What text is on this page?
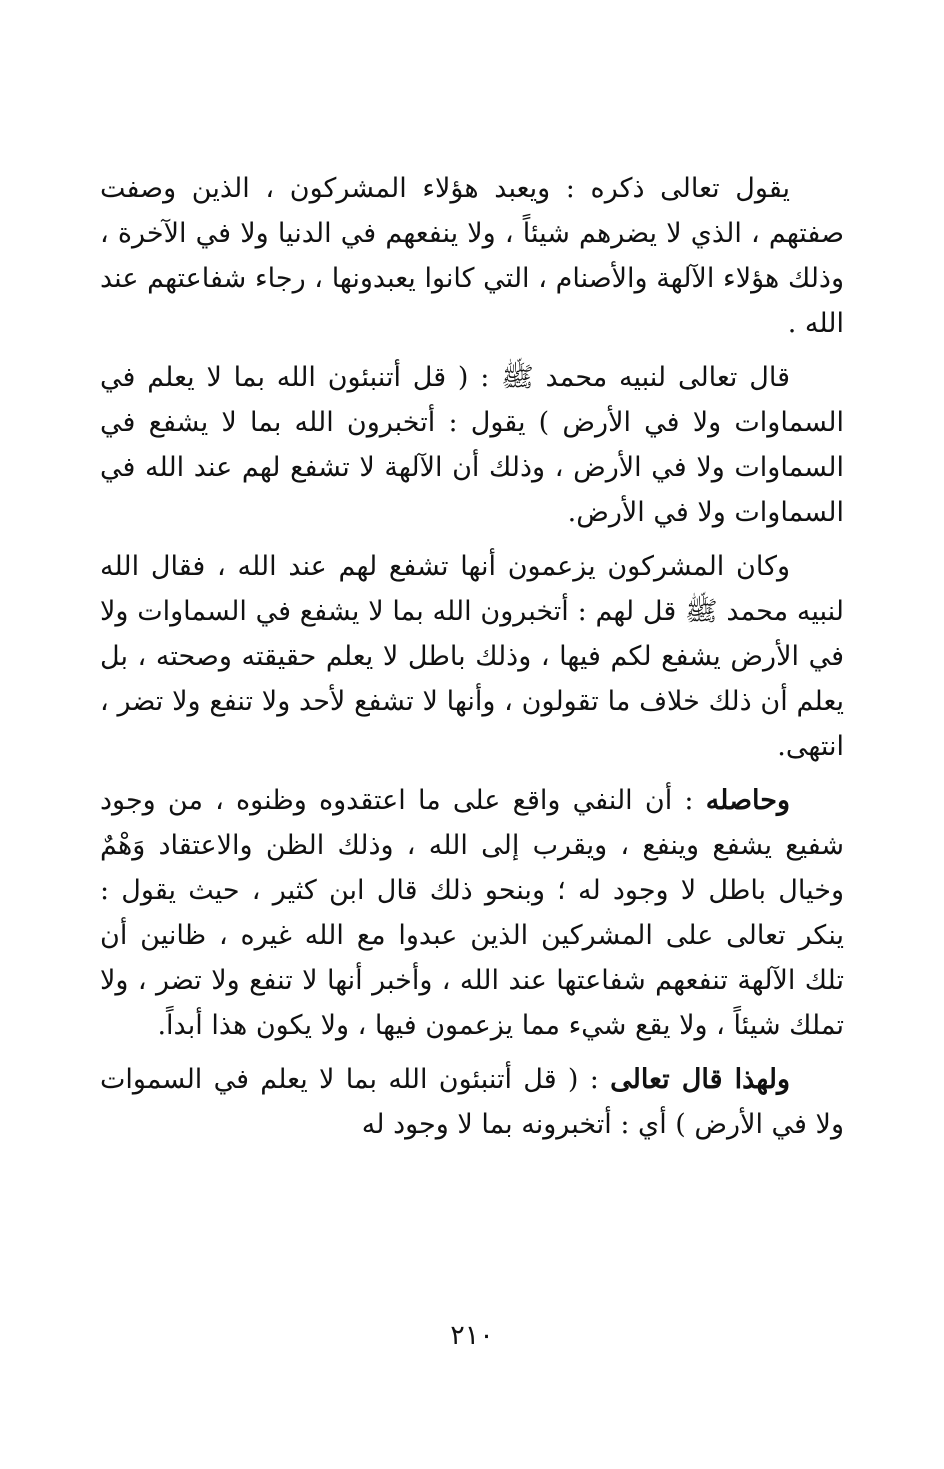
يقول تعالى ذكره : ويعبد هؤلاء المشركون ، الذين وصفت صفتهم ، الذي لا يضرهم شيئاً ، ولا ينفعهم في الدنيا ولا في الآخرة ، وذلك هؤلاء الآلهة والأصنام ، التي كانوا يعبدونها ، رجاء شفاعتهم عند الله .

قال تعالى لنبيه محمد ﷺ : ( قل أتنبئون الله بما لا يعلم في السماوات ولا في الأرض ) يقول : أتخبرون الله بما لا يشفع في السماوات ولا في الأرض ، وذلك أن الآلهة لا تشفع لهم عند الله في السماوات ولا في الأرض.

وكان المشركون يزعمون أنها تشفع لهم عند الله ، فقال الله لنبيه محمد ﷺ قل لهم : أتخبرون الله بما لا يشفع في السماوات ولا في الأرض يشفع لكم فيها ، وذلك باطل لا يعلم حقيقته وصحته ، بل يعلم أن ذلك خلاف ما تقولون ، وأنها لا تشفع لأحد ولا تنفع ولا تضر ، انتهى.

وحاصله : أن النفي واقع على ما اعتقدوه وظنوه ، من وجود شفيع يشفع وينفع ، ويقرب إلى الله ، وذلك الظن والاعتقاد وَهْمٌ وخيال باطل لا وجود له ؛ وبنحو ذلك قال ابن كثير ، حيث يقول : ينكر تعالى على المشركين الذين عبدوا مع الله غيره ، ظانين أن تلك الآلهة تنفعهم شفاعتها عند الله ، وأخبر أنها لا تنفع ولا تضر ، ولا تملك شيئاً ، ولا يقع شيء مما يزعمون فيها ، ولا يكون هذا أبداً.

ولهذا قال تعالى : ( قل أتنبئون الله بما لا يعلم في السموات ولا في الأرض ) أي : أتخبرونه بما لا وجود له

٢١٠
